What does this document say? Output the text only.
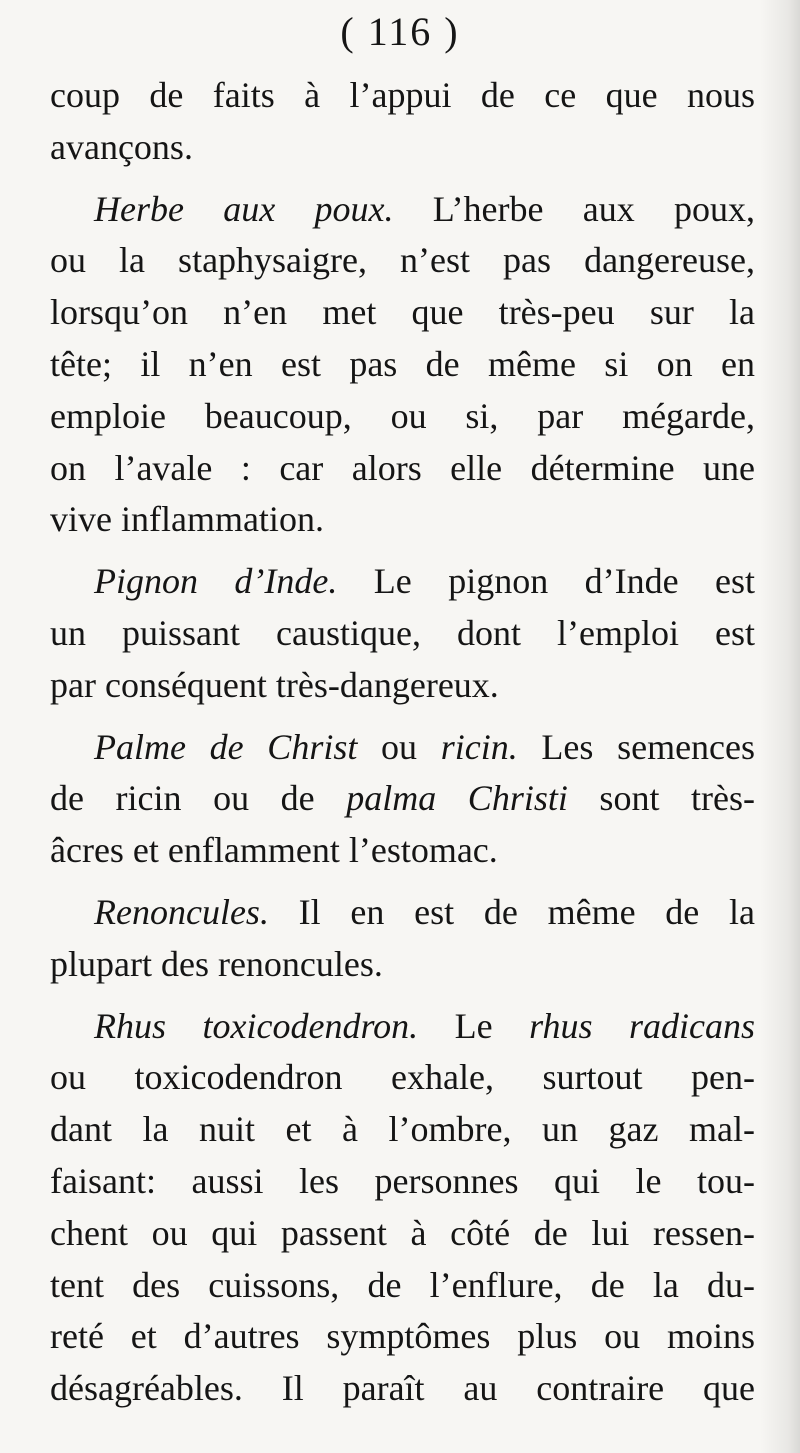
( 116 )
coup de faits à l’appui de ce que nous
avançons.
Herbe aux poux. L’herbe aux poux,
ou la staphysaigre, n’est pas dangereuse,
lorsqu’on n’en met que très-peu sur la
tête; il n’en est pas de même si on en
emploie beaucoup, ou si, par mégarde,
on l’avale : car alors elle détermine une
vive inflammation.
Pignon d’Inde. Le pignon d’Inde est
un puissant caustique, dont l’emploi est
par conséquent très-dangereux.
Palme de Christ ou ricin. Les semences
de ricin ou de palma Christi sont très-
âcres et enflamment l’estomac.
Renoncules. Il en est de même de la
plupart des renoncules.
Rhus toxicodendron. Le rhus radicans
ou toxicodendron exhale, surtout pen-
dant la nuit et à l’ombre, un gaz mal-
faisant: aussi les personnes qui le tou-
chent ou qui passent à côté de lui ressen-
tent des cuissons, de l’enflure, de la du-
reté et d’autres symptômes plus ou moins
désagréables. Il paraît au contraire que
